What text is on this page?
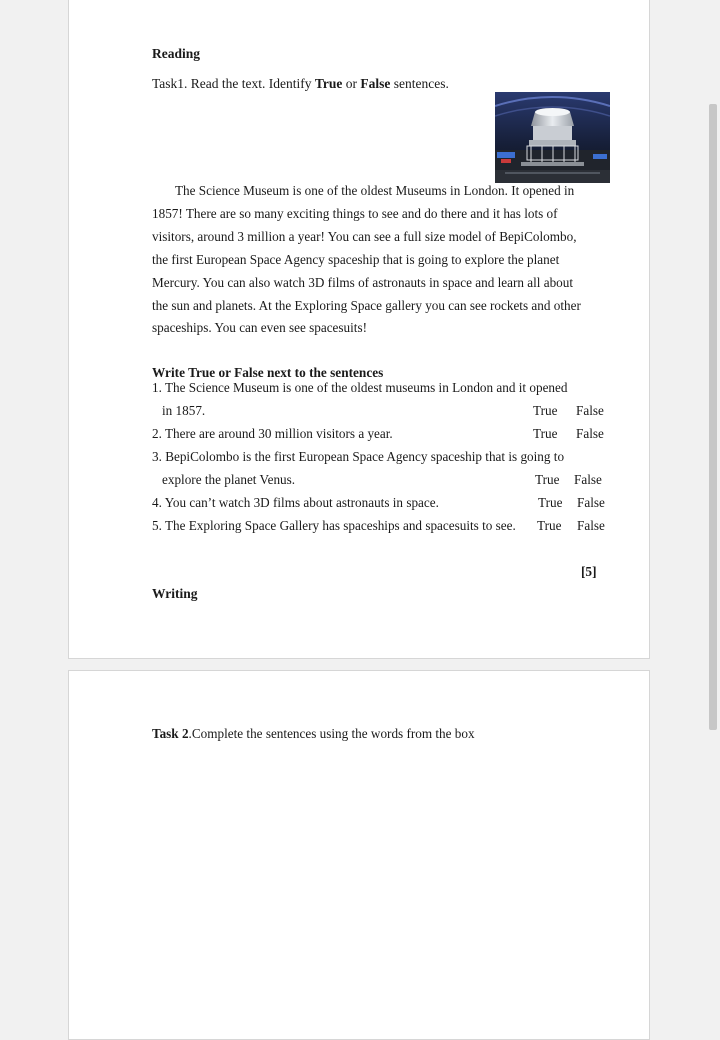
Reading
Task1. Read the text. Identify True or False sentences.
The Science Museum is one of the oldest Museums in London. It opened in
1857! There are so many exciting things to see and do there and it has lots of
visitors, around 3 million a year! You can see a full size model of BepiColombo,
the first European Space Agency spaceship that is going to explore the planet
Mercury. You can also watch 3D films of astronauts in space and learn all about
the sun and planets. At the Exploring Space gallery you can see rockets and other
spaceships. You can even see spacesuits!
Write True or False next to the sentences
1. The Science Museum is one of the oldest museums in London and it opened
in 1857.	True False
2. There are around 30 million visitors a year.	True False
3. BepiColombo is the first European Space Agency spaceship that is going to
explore the planet Venus.	True False
4. You can’t watch 3D films about astronauts in space.	True False
5. The Exploring Space Gallery has spaceships and spacesuits to see. True False
[5]
Writing
Task 2.Complete the sentences using the words from the box
